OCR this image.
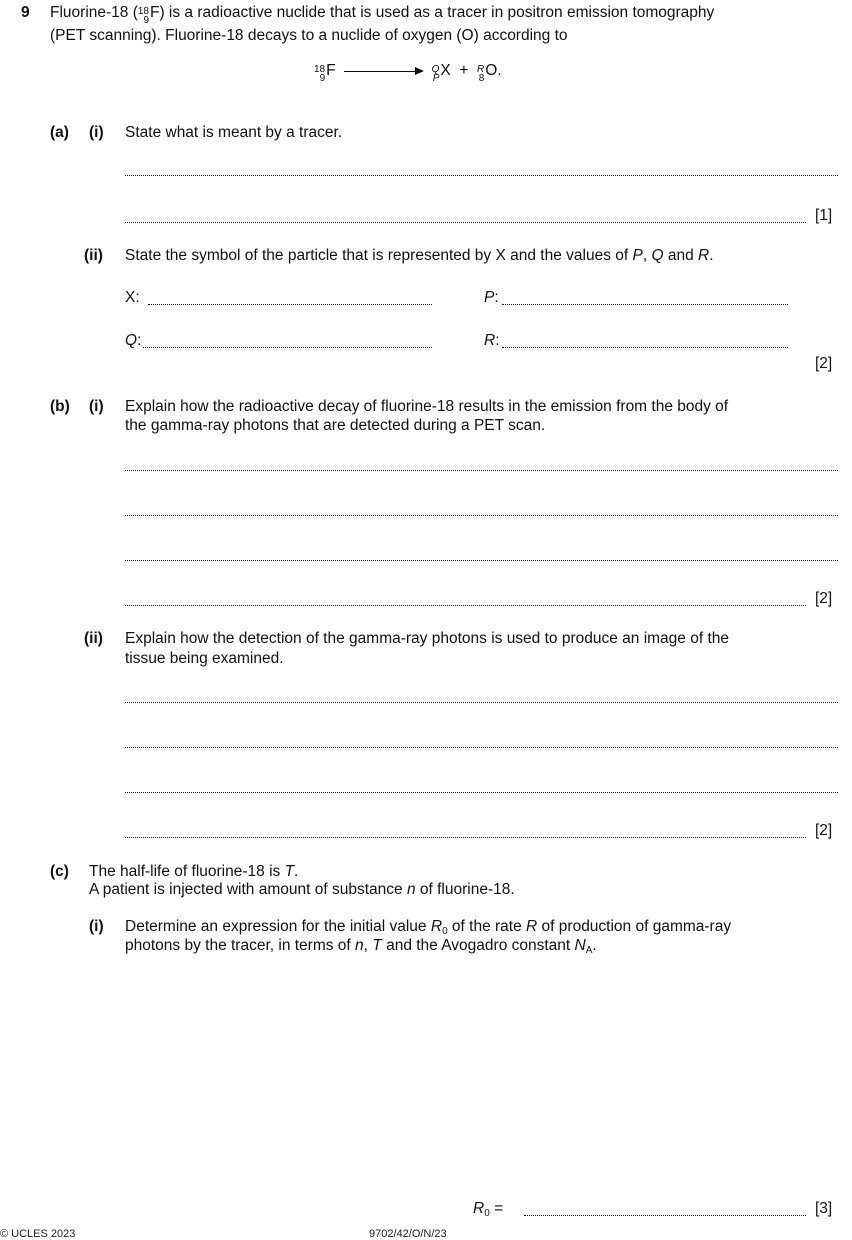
9 Fluorine-18 ( 18
9 F) is a radioactive nuclide that is used as a tracer in positron emission tomography
(PET scanning). Fluorine-18 decays to a nuclide of oxygen (O) according to
18
9 F	Q
P X + R
8 O.
(a) (i) State what is meant by a tracer.
[1]
(ii) State the symbol of the particle that is represented by X and the values of P, Q and R.
X:	P:
Q:	R:
[2]
(b) (i) Explain how the radioactive decay of fluorine-18 results in the emission from the body of
the gamma-ray photons that are detected during a PET scan.
[2]
(ii) Explain how the detection of the gamma-ray photons is used to produce an image of the
tissue being examined.
[2]
(c) The half-life of fluorine-18 is T.
A patient is injected with amount of substance n of fluorine-18.
(i) Determine an expression for the initial value $R_0$ of the rate R of production of gamma-ray
photons by the tracer, in terms of n, T and the Avogadro constant $N_A$.
$R_0$ =	[3]
© UCLES 2023	9702/42/O/N/23
